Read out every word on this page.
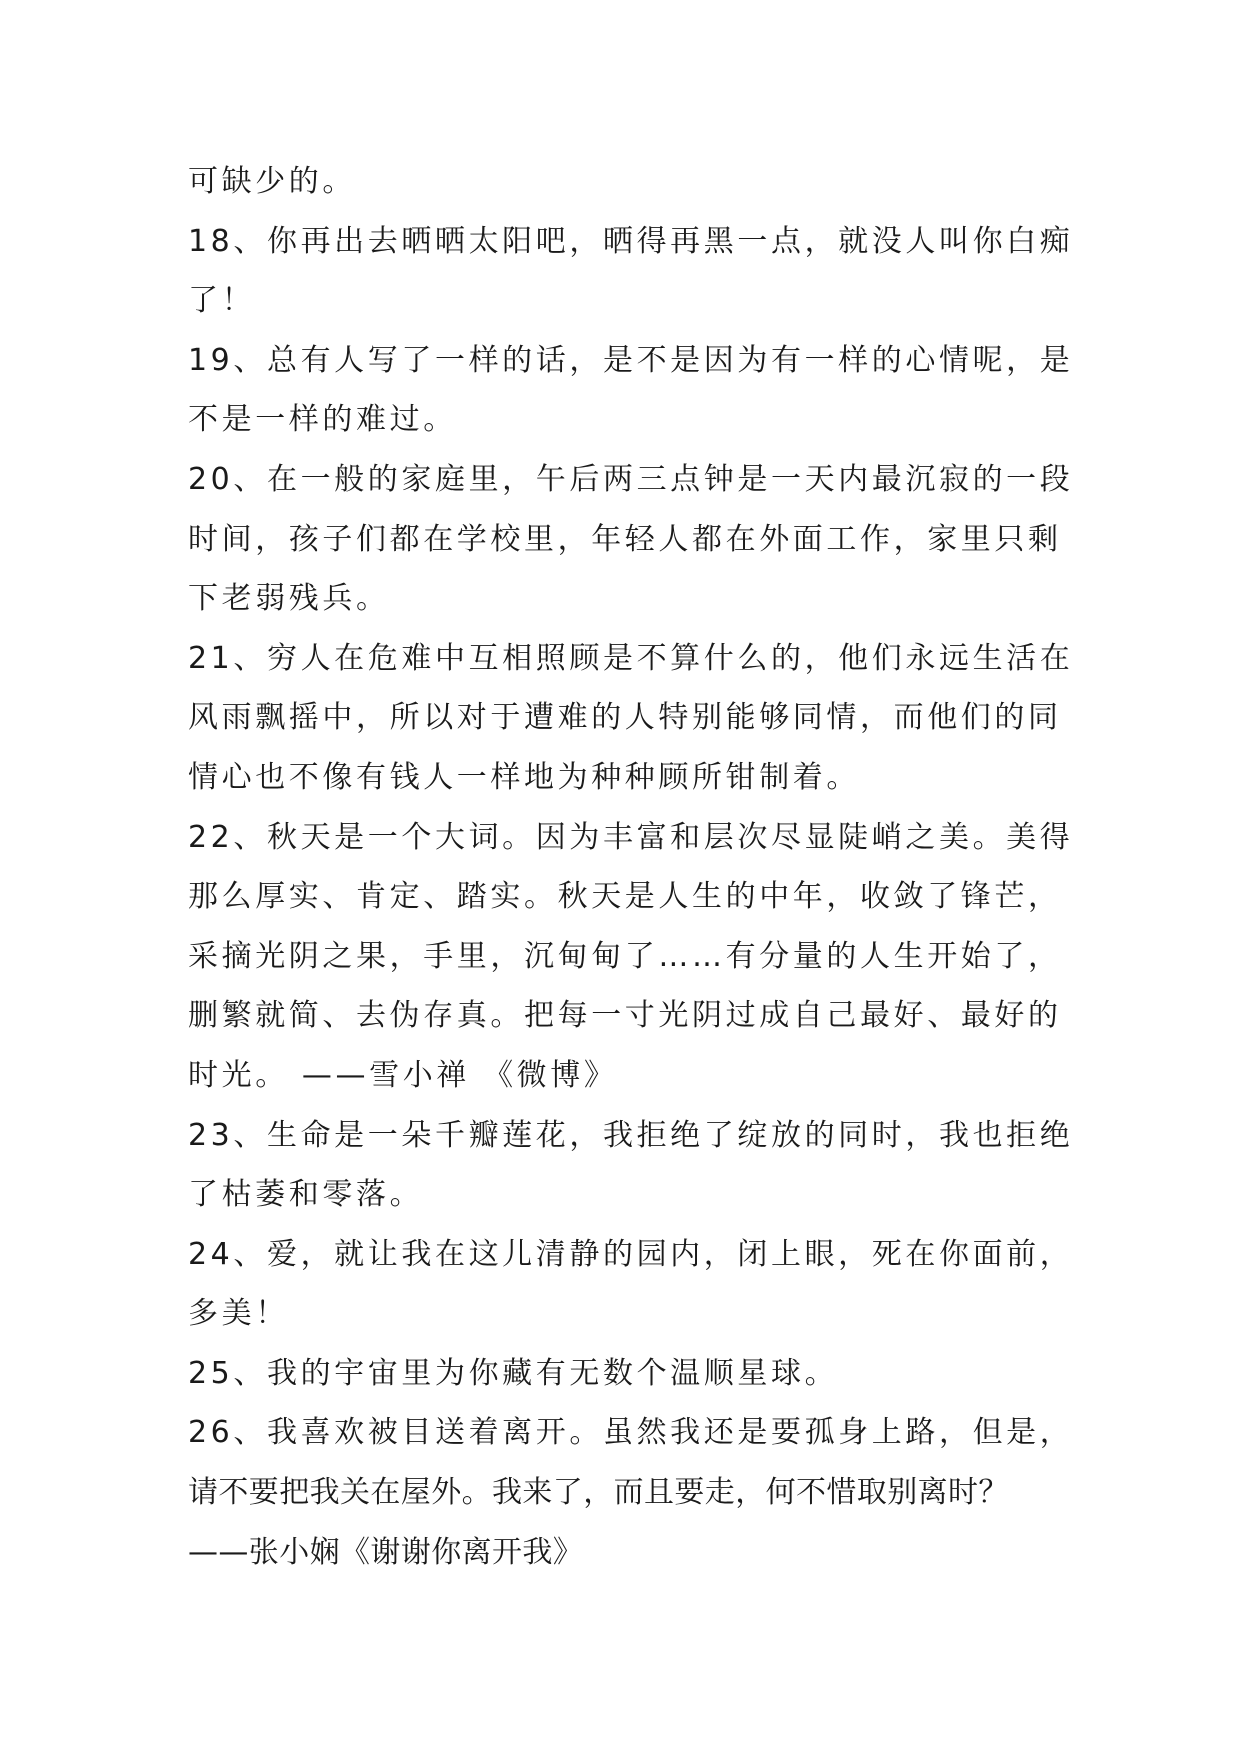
可缺少的。
18、你再出去晒晒太阳吧，晒得再黑一点，就没人叫你白痴
了！
19、总有人写了一样的话，是不是因为有一样的心情呢，是
不是一样的难过。
20、在一般的家庭里，午后两三点钟是一天内最沉寂的一段
时间，孩子们都在学校里，年轻人都在外面工作，家里只剩
下老弱残兵。
21、穷人在危难中互相照顾是不算什么的，他们永远生活在
风雨飘摇中，所以对于遭难的人特别能够同情，而他们的同
情心也不像有钱人一样地为种种顾所钳制着。
22、秋天是一个大词。因为丰富和层次尽显陡峭之美。美得
那么厚实、肯定、踏实。秋天是人生的中年，收敛了锋芒，
采摘光阴之果，手里，沉甸甸了……有分量的人生开始了，
删繁就简、去伪存真。把每一寸光阴过成自己最好、最好的
时光。 ——雪小禅 《微博》
23、生命是一朵千瓣莲花，我拒绝了绽放的同时，我也拒绝
了枯萎和零落。
24、爱，就让我在这儿清静的园内，闭上眼，死在你面前，
多美！
25、我的宇宙里为你藏有无数个温顺星球。
26、我喜欢被目送着离开。虽然我还是要孤身上路，但是，
请不要把我关在屋外。我来了，而且要走，何不惜取别离时？
——张小娴《谢谢你离开我》
